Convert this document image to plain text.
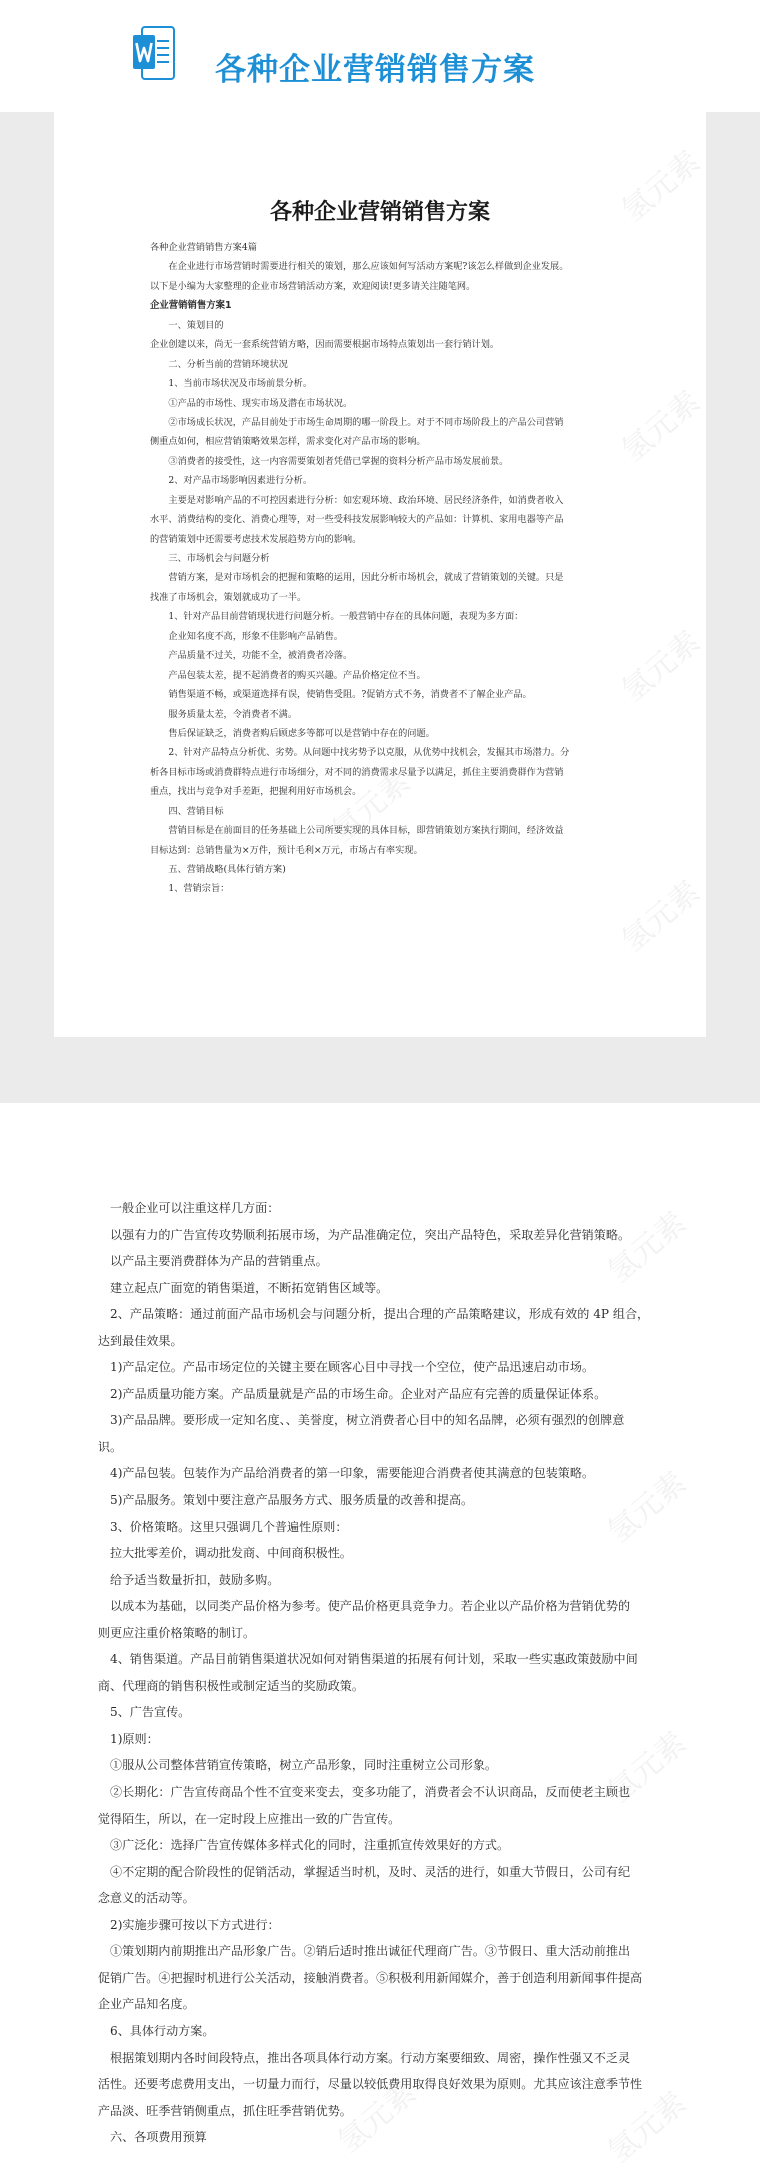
各种企业营销销售方案
各种企业营销销售方案
各种企业营销销售方案4篇
在企业进行市场营销时需要进行相关的策划，那么应该如何写活动方案呢?该怎么样做到企业发展。
以下是小编为大家整理的企业市场营销活动方案，欢迎阅读!更多请关注随笔网。
企业营销销售方案1
一、策划目的
企业创建以来，尚无一套系统营销方略，因而需要根据市场特点策划出一套行销计划。
二、分析当前的营销环境状况
1、当前市场状况及市场前景分析。
①产品的市场性、现实市场及潜在市场状况。
②市场成长状况，产品目前处于市场生命周期的哪一阶段上。对于不同市场阶段上的产品公司营销
侧重点如何，相应营销策略效果怎样，需求变化对产品市场的影响。
③消费者的接受性，这一内容需要策划者凭借已掌握的资料分析产品市场发展前景。
2、对产品市场影响因素进行分析。
主要是对影响产品的不可控因素进行分析：如宏观环境、政治环境、居民经济条件，如消费者收入
水平、消费结构的变化、消费心理等，对一些受科技发展影响较大的产品如：计算机、家用电器等产品
的营销策划中还需要考虑技术发展趋势方向的影响。
三、市场机会与问题分析
营销方案，是对市场机会的把握和策略的运用，因此分析市场机会，就成了营销策划的关键。只是
找准了市场机会，策划就成功了一半。
1、针对产品目前营销现状进行问题分析。一般营销中存在的具体问题，表现为多方面：
企业知名度不高，形象不佳影响产品销售。
产品质量不过关，功能不全，被消费者冷落。
产品包装太差，提不起消费者的购买兴趣。产品价格定位不当。
销售渠道不畅，或渠道选择有误，使销售受阻。?促销方式不务，消费者不了解企业产品。
服务质量太差，令消费者不满。
售后保证缺乏，消费者购后顾虑多等都可以是营销中存在的问题。
2、针对产品特点分析优、劣势。从问题中找劣势予以克服，从优势中找机会，发掘其市场潜力。分
析各目标市场或消费群特点进行市场细分，对不同的消费需求尽量予以满足，抓住主要消费群作为营销
重点，找出与竞争对手差距，把握利用好市场机会。
四、营销目标
营销目标是在前面目的任务基础上公司所要实现的具体目标，即营销策划方案执行期间，经济效益
目标达到：总销售量为×万件，预计毛利×万元，市场占有率实现。
五、营销战略(具体行销方案)
1、营销宗旨：
氢元素
氢元素
氢元素
氢元素
氢元素
一般企业可以注重这样几方面：
以强有力的广告宣传攻势顺利拓展市场，为产品准确定位，突出产品特色，采取差异化营销策略。
以产品主要消费群体为产品的营销重点。
建立起点广面宽的销售渠道，不断拓宽销售区域等。
2、产品策略：通过前面产品市场机会与问题分析，提出合理的产品策略建议，形成有效的 4P 组合，
达到最佳效果。
1)产品定位。产品市场定位的关键主要在顾客心目中寻找一个空位，使产品迅速启动市场。
2)产品质量功能方案。产品质量就是产品的市场生命。企业对产品应有完善的质量保证体系。
3)产品品牌。要形成一定知名度、、美誉度，树立消费者心目中的知名品牌，必须有强烈的创牌意
识。
4)产品包装。包装作为产品给消费者的第一印象，需要能迎合消费者使其满意的包装策略。
5)产品服务。策划中要注意产品服务方式、服务质量的改善和提高。
3、价格策略。这里只强调几个普遍性原则：
拉大批零差价，调动批发商、中间商积极性。
给予适当数量折扣，鼓励多购。
以成本为基础，以同类产品价格为参考。使产品价格更具竞争力。若企业以产品价格为营销优势的
则更应注重价格策略的制订。
4、销售渠道。产品目前销售渠道状况如何对销售渠道的拓展有何计划，采取一些实惠政策鼓励中间
商、代理商的销售积极性或制定适当的奖励政策。
5、广告宣传。
1)原则：
①服从公司整体营销宣传策略，树立产品形象，同时注重树立公司形象。
②长期化：广告宣传商品个性不宜变来变去，变多功能了，消费者会不认识商品，反而使老主顾也
觉得陌生，所以，在一定时段上应推出一致的广告宣传。
③广泛化：选择广告宣传媒体多样式化的同时，注重抓宣传效果好的方式。
④不定期的配合阶段性的促销活动，掌握适当时机，及时、灵活的进行，如重大节假日，公司有纪
念意义的活动等。
2)实施步骤可按以下方式进行：
①策划期内前期推出产品形象广告。②销后适时推出诚征代理商广告。③节假日、重大活动前推出
促销广告。④把握时机进行公关活动，接触消费者。⑤积极利用新闻媒介，善于创造利用新闻事件提高
企业产品知名度。
6、具体行动方案。
根据策划期内各时间段特点，推出各项具体行动方案。行动方案要细致、周密，操作性强又不乏灵
活性。还要考虑费用支出，一切量力而行，尽量以较低费用取得良好效果为原则。尤其应该注意季节性
产品淡、旺季营销侧重点，抓住旺季营销优势。
六、各项费用预算
氢元素
氢元素
氢元素
氢元素	氢元素
